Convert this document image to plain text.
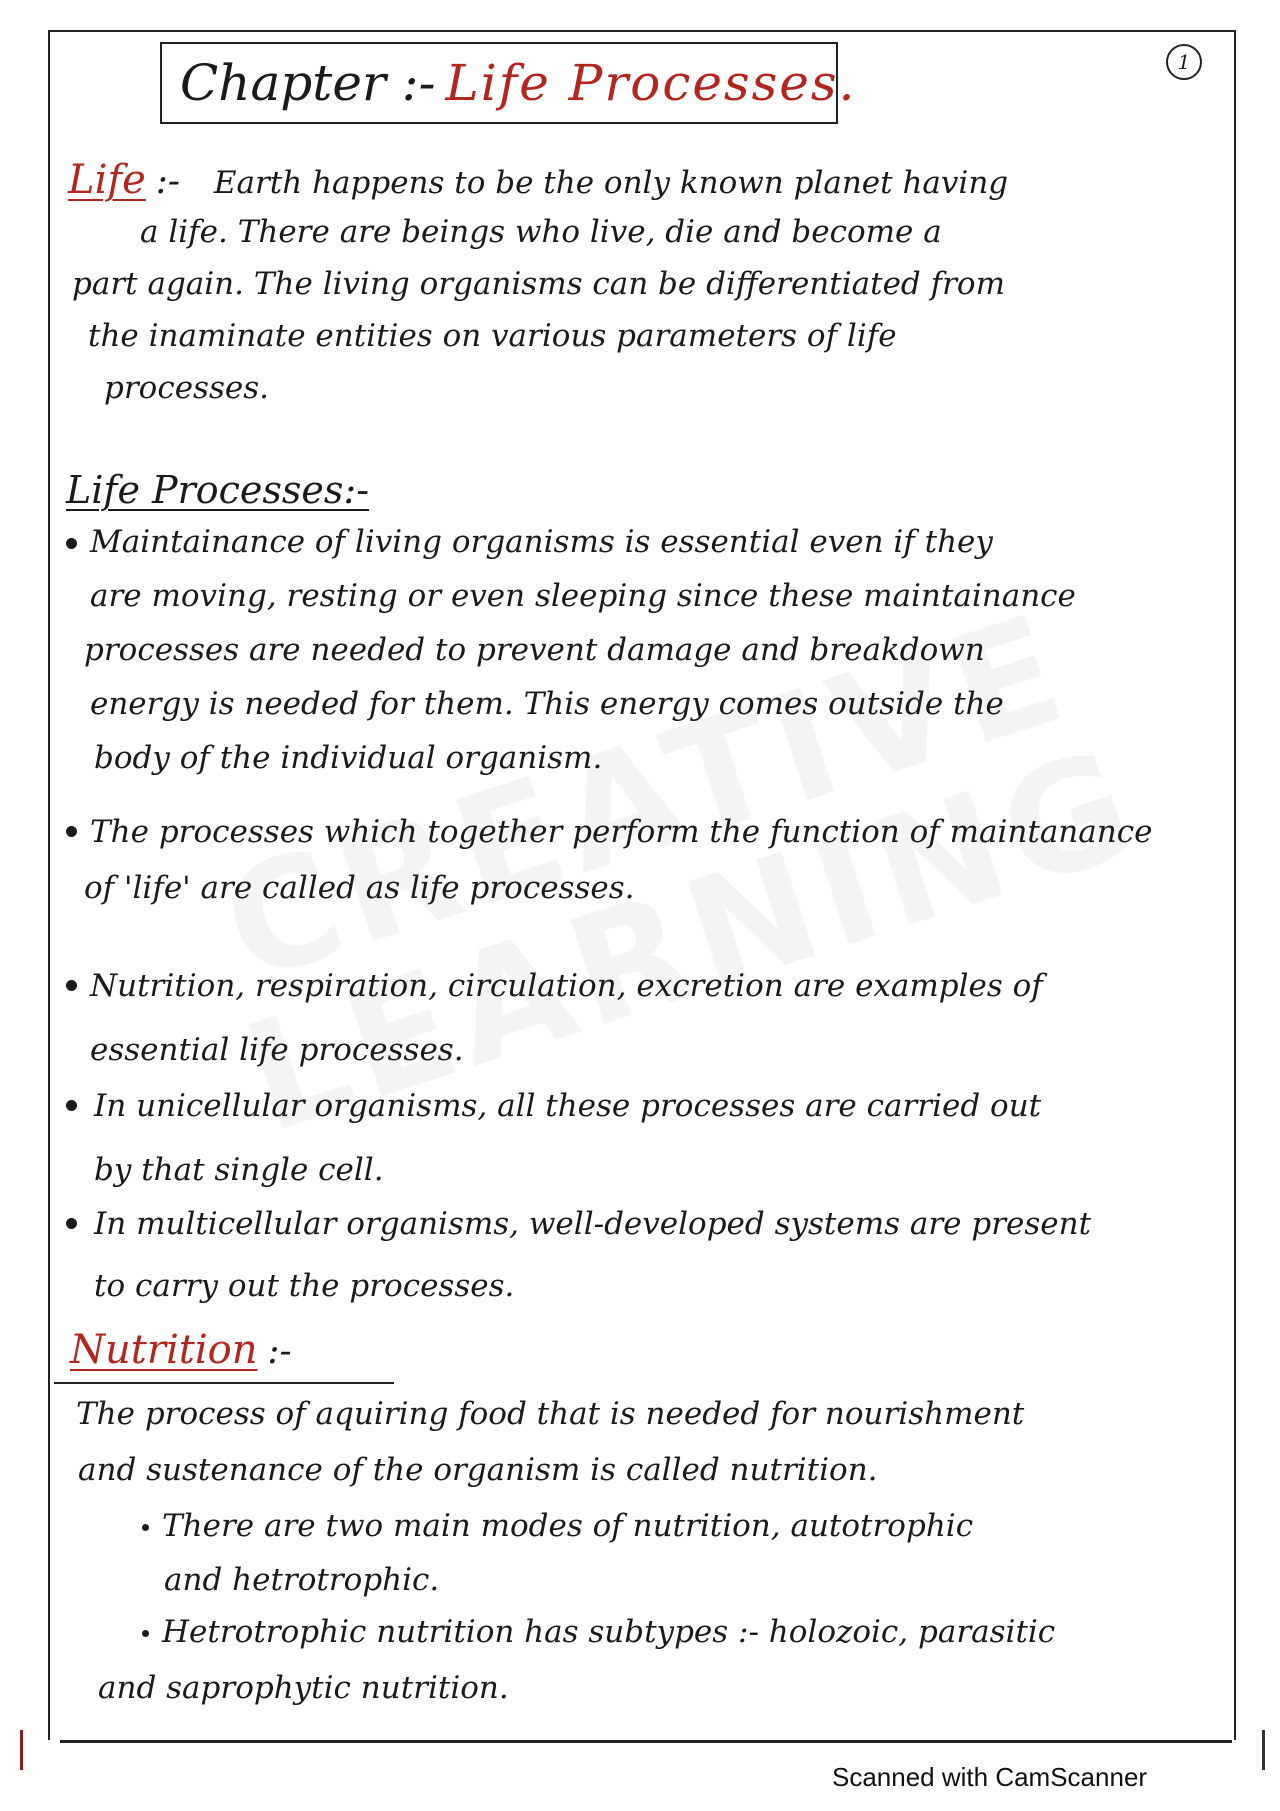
Chapter :- Life Processes.	1
Life :- Earth happens to be the only known planet having
a life. There are beings who live, die and become a
part again. The living organisms can be differentiated from
the inaminate entities on various parameters of life
processes.
Life Processes:-
Maintainance of living organisms is essential even if they
are moving, resting or even sleeping since these maintainance
processes are needed to prevent damage and breakdown
energy is needed for them. This energy comes outside the
body of the individual organism.
The processes which together perform the function of maintanance
of 'life' are called as life processes.
Nutrition, respiration, circulation, excretion are examples of
essential life processes.
In unicellular organisms, all these processes are carried out
by that single cell.
In multicellular organisms, well-developed systems are present
to carry out the processes.
Nutrition :-
The process of aquiring food that is needed for nourishment
and sustenance of the organism is called nutrition.
There are two main modes of nutrition, autotrophic
and hetrotrophic.
Hetrotrophic nutrition has subtypes :- holozoic, parasitic
and saprophytic nutrition.
Scanned with CamScanner
